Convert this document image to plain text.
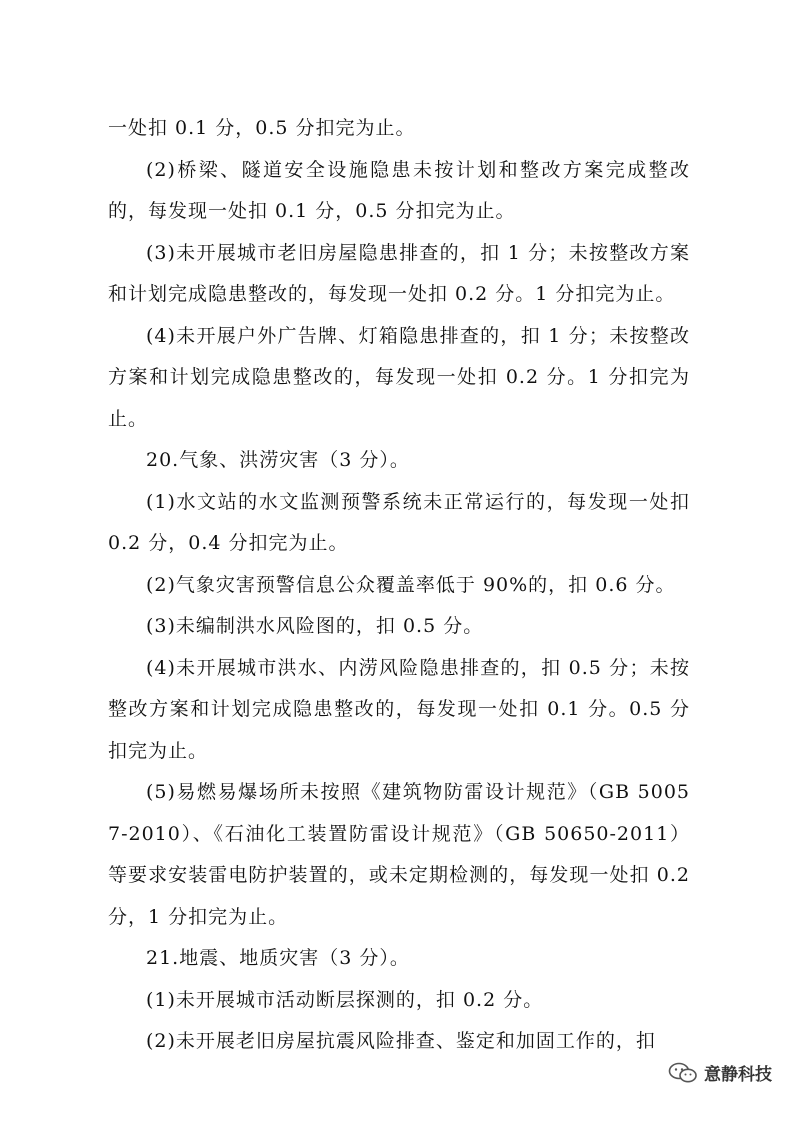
一处扣 0.1 分，0.5 分扣完为止。

(2)桥梁、隧道安全设施隐患未按计划和整改方案完成整改的，每发现一处扣 0.1 分，0.5 分扣完为止。

(3)未开展城市老旧房屋隐患排查的，扣 1 分；未按整改方案和计划完成隐患整改的，每发现一处扣 0.2 分。1 分扣完为止。

(4)未开展户外广告牌、灯箱隐患排查的，扣 1 分；未按整改方案和计划完成隐患整改的，每发现一处扣 0.2 分。1 分扣完为止。

20.气象、洪涝灾害（3 分）。

(1)水文站的水文监测预警系统未正常运行的，每发现一处扣 0.2 分，0.4 分扣完为止。

(2)气象灾害预警信息公众覆盖率低于 90%的，扣 0.6 分。

(3)未编制洪水风险图的，扣 0.5 分。

(4)未开展城市洪水、内涝风险隐患排查的，扣 0.5 分；未按整改方案和计划完成隐患整改的，每发现一处扣 0.1 分。0.5 分扣完为止。

(5)易燃易爆场所未按照《建筑物防雷设计规范》（GB 50057-2010）、《石油化工装置防雷设计规范》（GB 50650-2011）等要求安装雷电防护装置的，或未定期检测的，每发现一处扣 0.2 分，1 分扣完为止。

21.地震、地质灾害（3 分）。

(1)未开展城市活动断层探测的，扣 0.2 分。

(2)未开展老旧房屋抗震风险排查、鉴定和加固工作的，扣

意静科技
